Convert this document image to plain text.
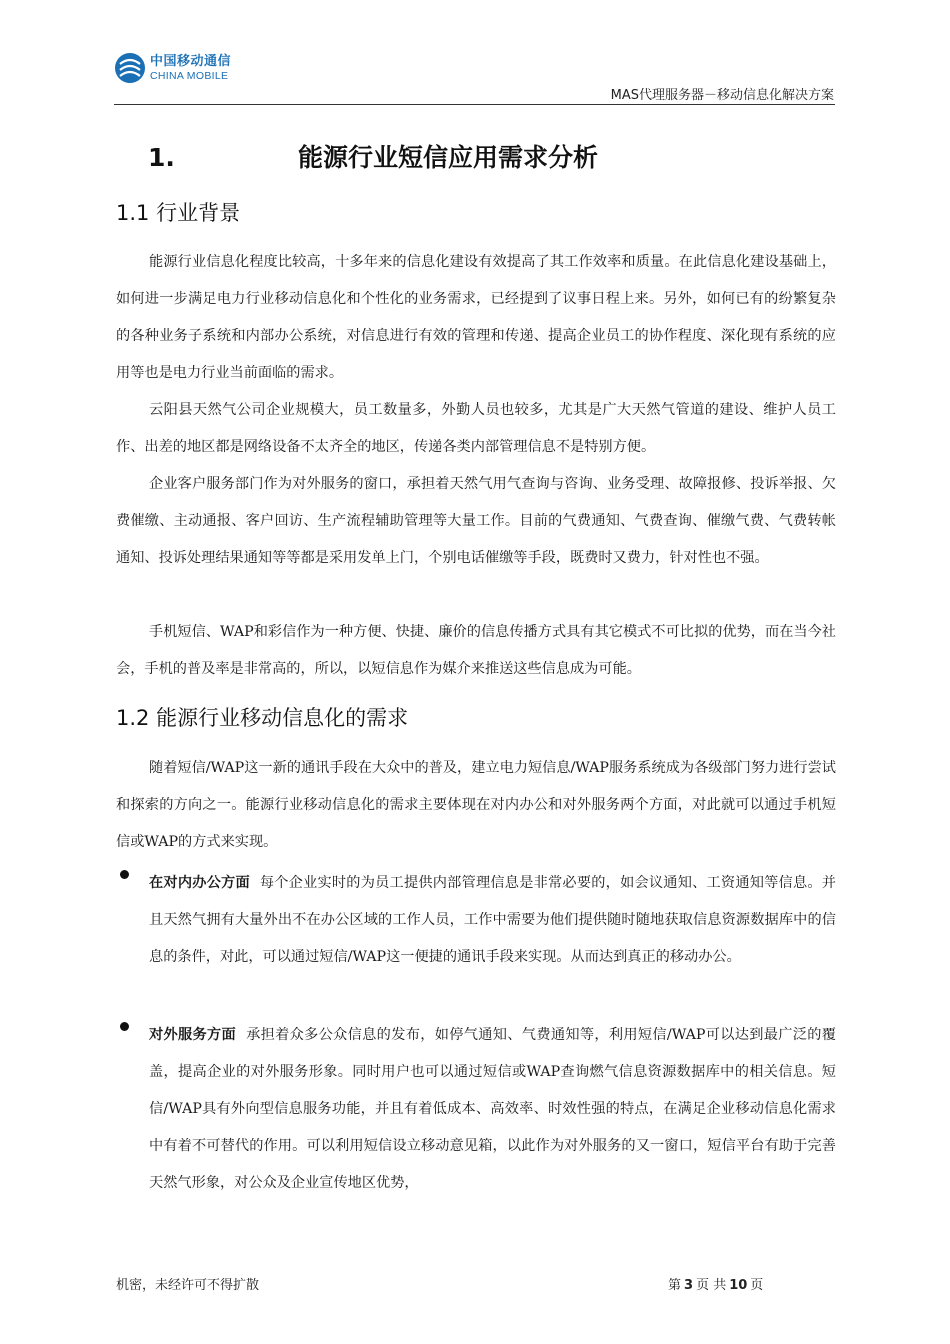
中国移动通信
CHINA MOBILE
MAS代理服务器－移动信息化解决方案
1.	能源行业短信应用需求分析
1.1 行业背景

能源行业信息化程度比较高，十多年来的信息化建设有效提高了其工作效率和质量。在此信息化建设基础上，如何进一步满足电力行业移动信息化和个性化的业务需求，已经提到了议事日程上来。另外，如何已有的纷繁复杂的各种业务子系统和内部办公系统，对信息进行有效的管理和传递、提高企业员工的协作程度、深化现有系统的应用等也是电力行业当前面临的需求。

云阳县天然气公司企业规模大，员工数量多，外勤人员也较多，尤其是广大天然气管道的建设、维护人员工作、出差的地区都是网络设备不太齐全的地区，传递各类内部管理信息不是特别方便。

企业客户服务部门作为对外服务的窗口，承担着天然气用气查询与咨询、业务受理、故障报修、投诉举报、欠费催缴、主动通报、客户回访、生产流程辅助管理等大量工作。目前的气费通知、气费查询、催缴气费、气费转帐通知、投诉处理结果通知等等都是采用发单上门，个别电话催缴等手段，既费时又费力，针对性也不强。

手机短信、WAP和彩信作为一种方便、快捷、廉价的信息传播方式具有其它模式不可比拟的优势，而在当今社会，手机的普及率是非常高的，所以，以短信息作为媒介来推送这些信息成为可能。

1.2 能源行业移动信息化的需求

随着短信/WAP这一新的通讯手段在大众中的普及，建立电力短信息/WAP服务系统成为各级部门努力进行尝试和探索的方向之一。能源行业移动信息化的需求主要体现在对内办公和对外服务两个方面，对此就可以通过手机短信或WAP的方式来实现。

在对内办公方面 每个企业实时的为员工提供内部管理信息是非常必要的，如会议通知、工资通知等信息。并且天然气拥有大量外出不在办公区域的工作人员，工作中需要为他们提供随时随地获取信息资源数据库中的信息的条件，对此，可以通过短信/WAP这一便捷的通讯手段来实现。从而达到真正的移动办公。

对外服务方面 承担着众多公众信息的发布，如停气通知、气费通知等，利用短信/WAP可以达到最广泛的覆盖，提高企业的对外服务形象。同时用户也可以通过短信或WAP查询燃气信息资源数据库中的相关信息。短信/WAP具有外向型信息服务功能，并且有着低成本、高效率、时效性强的特点，在满足企业移动信息化需求中有着不可替代的作用。可以利用短信设立移动意见箱，以此作为对外服务的又一窗口，短信平台有助于完善天然气形象，对公众及企业宣传地区优势，

机密，未经许可不得扩散	第 3 页 共 10 页
